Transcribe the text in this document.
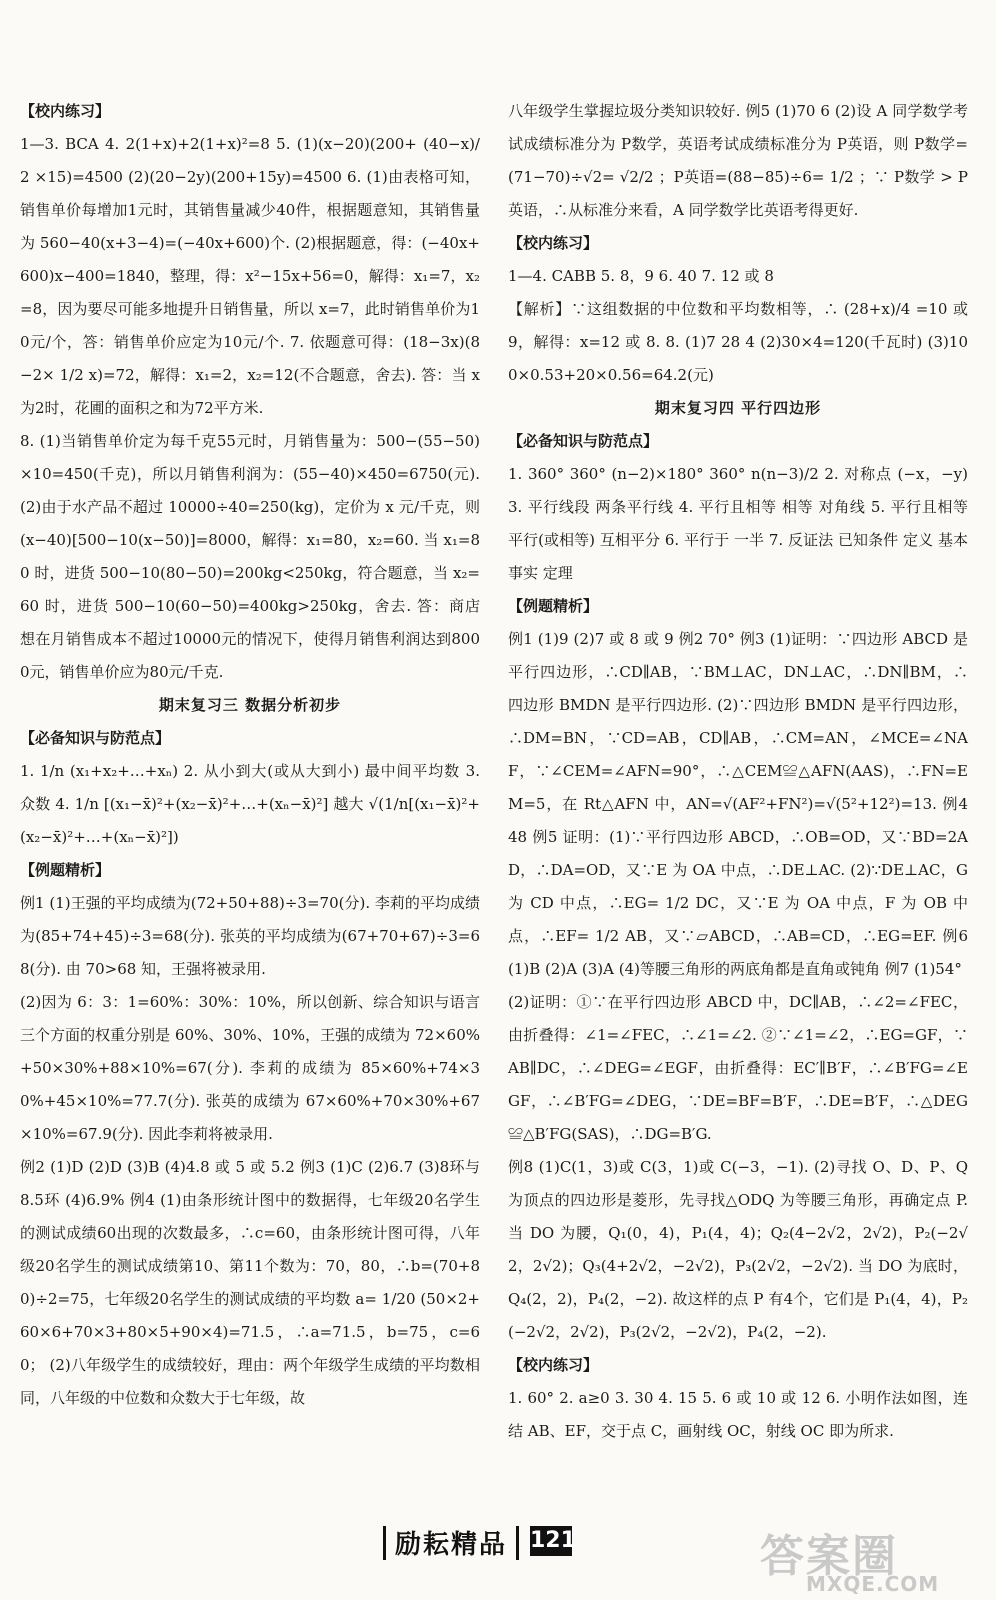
【校内练习】

1—3. BCA 4. 2(1+x)+2(1+x)²=8 5. (1)(x−20)(200+ (40−x)/2 ×15)=4500 (2)(20−2y)(200+15y)=4500 6. (1)由表格可知，销售单价每增加1元时，其销售量减少40件，根据题意知，其销售量为 560−40(x+3−4)=(−40x+600)个. (2)根据题意，得：(−40x+600)x−400=1840，整理，得：x²−15x+56=0，解得：x₁=7，x₂=8，因为要尽可能多地提升日销售量，所以 x=7，此时销售单价为10元/个，答：销售单价应定为10元/个. 7. 依题意可得：(18−3x)(8−2× 1/2 x)=72，解得：x₁=2，x₂=12(不合题意，舍去). 答：当 x 为2时，花圃的面积之和为72平方米.

8. (1)当销售单价定为每千克55元时，月销售量为：500−(55−50)×10=450(千克)，所以月销售利润为：(55−40)×450=6750(元). (2)由于水产品不超过 10000÷40=250(kg)，定价为 x 元/千克，则(x−40)[500−10(x−50)]=8000，解得：x₁=80，x₂=60. 当 x₁=80 时，进货 500−10(80−50)=200kg<250kg，符合题意，当 x₂=60 时，进货 500−10(60−50)=400kg>250kg，舍去. 答：商店想在月销售成本不超过10000元的情况下，使得月销售利润达到8000元，销售单价应为80元/千克.

期末复习三 数据分析初步

【必备知识与防范点】

1. 1/n (x₁+x₂+…+xₙ) 2. 从小到大(或从大到小) 最中间平均数 3. 众数 4. 1/n [(x₁−x̄)²+(x₂−x̄)²+…+(xₙ−x̄)²] 越大 √(1/n[(x₁−x̄)²+(x₂−x̄)²+…+(xₙ−x̄)²])

【例题精析】

例1 (1)王强的平均成绩为(72+50+88)÷3=70(分). 李莉的平均成绩为(85+74+45)÷3=68(分). 张英的平均成绩为(67+70+67)÷3=68(分). 由 70>68 知，王强将被录用.

(2)因为 6：3：1=60%：30%：10%，所以创新、综合知识与语言三个方面的权重分别是 60%、30%、10%，王强的成绩为 72×60%+50×30%+88×10%=67(分). 李莉的成绩为 85×60%+74×30%+45×10%=77.7(分). 张英的成绩为 67×60%+70×30%+67×10%=67.9(分). 因此李莉将被录用.

例2 (1)D (2)D (3)B (4)4.8 或 5 或 5.2 例3 (1)C (2)6.7 (3)8环与8.5环 (4)6.9% 例4 (1)由条形统计图中的数据得，七年级20名学生的测试成绩60出现的次数最多，∴c=60，由条形统计图可得，八年级20名学生的测试成绩第10、第11个数为：70，80，∴b=(70+80)÷2=75，七年级20名学生的测试成绩的平均数 a= 1/20 (50×2+60×6+70×3+80×5+90×4)=71.5，∴a=71.5，b=75，c=60； (2)八年级学生的成绩较好，理由：两个年级学生成绩的平均数相同，八年级的中位数和众数大于七年级，故

八年级学生掌握垃圾分类知识较好. 例5 (1)70 6 (2)设 A 同学数学考试成绩标准分为 P数学，英语考试成绩标准分为 P英语，则 P数学=(71−70)÷√2= √2/2 ；P英语=(88−85)÷6= 1/2 ；∵ P数学 > P英语，∴从标准分来看，A 同学数学比英语考得更好.

【校内练习】

1—4. CABB 5. 8，9 6. 40 7. 12 或 8

【解析】∵这组数据的中位数和平均数相等，∴ (28+x)/4 =10 或 9，解得：x=12 或 8. 8. (1)7 28 4 (2)30×4=120(千瓦时) (3)100×0.53+20×0.56=64.2(元)

期末复习四 平行四边形

【必备知识与防范点】

1. 360° 360° (n−2)×180° 360° n(n−3)/2 2. 对称点 (−x，−y) 3. 平行线段 两条平行线 4. 平行且相等 相等 对角线 5. 平行且相等 平行(或相等) 互相平分 6. 平行于 一半 7. 反证法 已知条件 定义 基本事实 定理

【例题精析】

例1 (1)9 (2)7 或 8 或 9 例2 70° 例3 (1)证明：∵四边形 ABCD 是平行四边形，∴CD∥AB，∵BM⊥AC，DN⊥AC，∴DN∥BM，∴四边形 BMDN 是平行四边形. (2)∵四边形 BMDN 是平行四边形，∴DM=BN，∵CD=AB，CD∥AB，∴CM=AN，∠MCE=∠NAF，∵∠CEM=∠AFN=90°，∴△CEM≌△AFN(AAS)，∴FN=EM=5，在 Rt△AFN 中，AN=√(AF²+FN²)=√(5²+12²)=13. 例4 48 例5 证明：(1)∵平行四边形 ABCD，∴OB=OD，又∵BD=2AD，∴DA=OD，又∵E 为 OA 中点，∴DE⊥AC. (2)∵DE⊥AC，G 为 CD 中点，∴EG= 1/2 DC，又∵E 为 OA 中点，F 为 OB 中点，∴EF= 1/2 AB，又∵▱ABCD，∴AB=CD，∴EG=EF. 例6 (1)B (2)A (3)A (4)等腰三角形的两底角都是直角或钝角 例7 (1)54°

(2)证明：①∵在平行四边形 ABCD 中，DC∥AB，∴∠2=∠FEC，由折叠得：∠1=∠FEC，∴∠1=∠2. ②∵∠1=∠2，∴EG=GF，∵AB∥DC，∴∠DEG=∠EGF，由折叠得：EC′∥B′F，∴∠B′FG=∠EGF，∴∠B′FG=∠DEG，∵DE=BF=B′F，∴DE=B′F，∴△DEG≌△B′FG(SAS)，∴DG=B′G.

例8 (1)C(1，3)或 C(3，1)或 C(−3，−1). (2)寻找 O、D、P、Q 为顶点的四边形是菱形，先寻找△ODQ 为等腰三角形，再确定点 P. 当 DO 为腰，Q₁(0，4)，P₁(4，4)；Q₂(4−2√2，2√2)，P₂(−2√2，2√2)；Q₃(4+2√2，−2√2)，P₃(2√2，−2√2). 当 DO 为底时，Q₄(2，2)，P₄(2，−2). 故这样的点 P 有4个，它们是 P₁(4，4)，P₂(−2√2，2√2)，P₃(2√2，−2√2)，P₄(2，−2).

【校内练习】

1. 60° 2. a≥0 3. 30 4. 15 5. 6 或 10 或 12 6. 小明作法如图，连结 AB、EF，交于点 C，画射线 OC，射线 OC 即为所求.

励耘精品 121	答案圈
MXQE.COM
